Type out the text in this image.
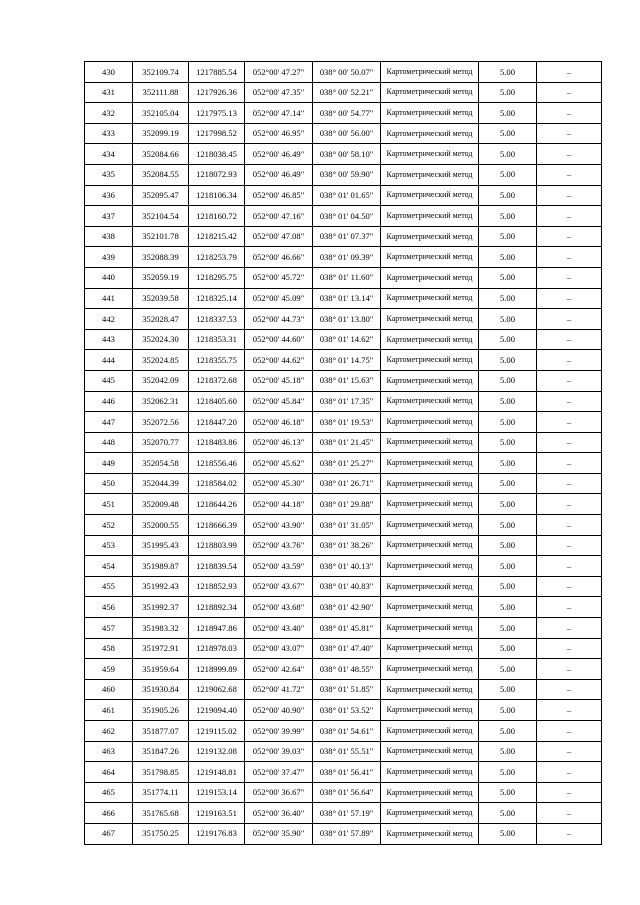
430	352109.74	1217885.54	052°00' 47.27"	038° 00' 50.07"	Картометрический метод	5.00	–
431	352111.88	1217926.36	052°00' 47.35"	038° 00' 52.21"	Картометрический метод	5.00	–
432	352105.04	1217975.13	052°00' 47.14"	038° 00' 54.77"	Картометрический метод	5.00	–
433	352099.19	1217998.52	052°00' 46.95"	038° 00' 56.00"	Картометрический метод	5.00	–
434	352084.66	1218038.45	052°00' 46.49"	038° 00' 58.10"	Картометрический метод	5.00	–
435	352084.55	1218072.93	052°00' 46.49"	038° 00' 59.90"	Картометрический метод	5.00	–
436	352095.47	1218106.34	052°00' 46.85"	038° 01' 01.65"	Картометрический метод	5.00	–
437	352104.54	1218160.72	052°00' 47.16"	038° 01' 04.50"	Картометрический метод	5.00	–
438	352101.78	1218215.42	052°00' 47.08"	038° 01' 07.37"	Картометрический метод	5.00	–
439	352088.39	1218253.79	052°00' 46.66"	038° 01' 09.39"	Картометрический метод	5.00	–
440	352059.19	1218295.75	052°00' 45.72"	038° 01' 11.60"	Картометрический метод	5.00	–
441	352039.58	1218325.14	052°00' 45.09"	038° 01' 13.14"	Картометрический метод	5.00	–
442	352028.47	1218337.53	052°00' 44.73"	038° 01' 13.80"	Картометрический метод	5.00	–
443	352024.30	1218353.31	052°00' 44.60"	038° 01' 14.62"	Картометрический метод	5.00	–
444	352024.85	1218355.75	052°00' 44.62"	038° 01' 14.75"	Картометрический метод	5.00	–
445	352042.09	1218372.68	052°00' 45.18"	038° 01' 15.63"	Картометрический метод	5.00	–
446	352062.31	1218405.60	052°00' 45.84"	038° 01' 17.35"	Картометрический метод	5.00	–
447	352072.56	1218447.20	052°00' 46.18"	038° 01' 19.53"	Картометрический метод	5.00	–
448	352070.77	1218483.86	052°00' 46.13"	038° 01' 21.45"	Картометрический метод	5.00	–
449	352054.58	1218556.46	052°00' 45.62"	038° 01' 25.27"	Картометрический метод	5.00	–
450	352044.39	1218584.02	052°00' 45.30"	038° 01' 26.71"	Картометрический метод	5.00	–
451	352009.48	1218644.26	052°00' 44.18"	038° 01' 29.88"	Картометрический метод	5.00	–
452	352000.55	1218666.39	052°00' 43.90"	038° 01' 31.05"	Картометрический метод	5.00	–
453	351995.43	1218803.99	052°00' 43.76"	038° 01' 38.26"	Картометрический метод	5.00	–
454	351989.87	1218839.54	052°00' 43.59"	038° 01' 40.13"	Картометрический метод	5.00	–
455	351992.43	1218852.93	052°00' 43.67"	038° 01' 40.83"	Картометрический метод	5.00	–
456	351992.37	1218892.34	052°00' 43.68"	038° 01' 42.90"	Картометрический метод	5.00	–
457	351983.32	1218947.86	052°00' 43.40"	038° 01' 45.81"	Картометрический метод	5.00	–
458	351972.91	1218978.03	052°00' 43.07"	038° 01' 47.40"	Картометрический метод	5.00	–
459	351959.64	1218999.89	052°00' 42.64"	038° 01' 48.55"	Картометрический метод	5.00	–
460	351930.84	1219062.68	052°00' 41.72"	038° 01' 51.85"	Картометрический метод	5.00	–
461	351905.26	1219094.40	052°00' 40.90"	038° 01' 53.52"	Картометрический метод	5.00	–
462	351877.07	1219115.02	052°00' 39.99"	038° 01' 54.61"	Картометрический метод	5.00	–
463	351847.26	1219132.08	052°00' 39.03"	038° 01' 55.51"	Картометрический метод	5.00	–
464	351798.85	1219148.81	052°00' 37.47"	038° 01' 56.41"	Картометрический метод	5.00	–
465	351774.11	1219153.14	052°00' 36.67"	038° 01' 56.64"	Картометрический метод	5.00	–
466	351765.68	1219163.51	052°00' 36.40"	038° 01' 57.19"	Картометрический метод	5.00	–
467	351750.25	1219176.83	052°00' 35.90"	038° 01' 57.89"	Картометрический метод	5.00	–
